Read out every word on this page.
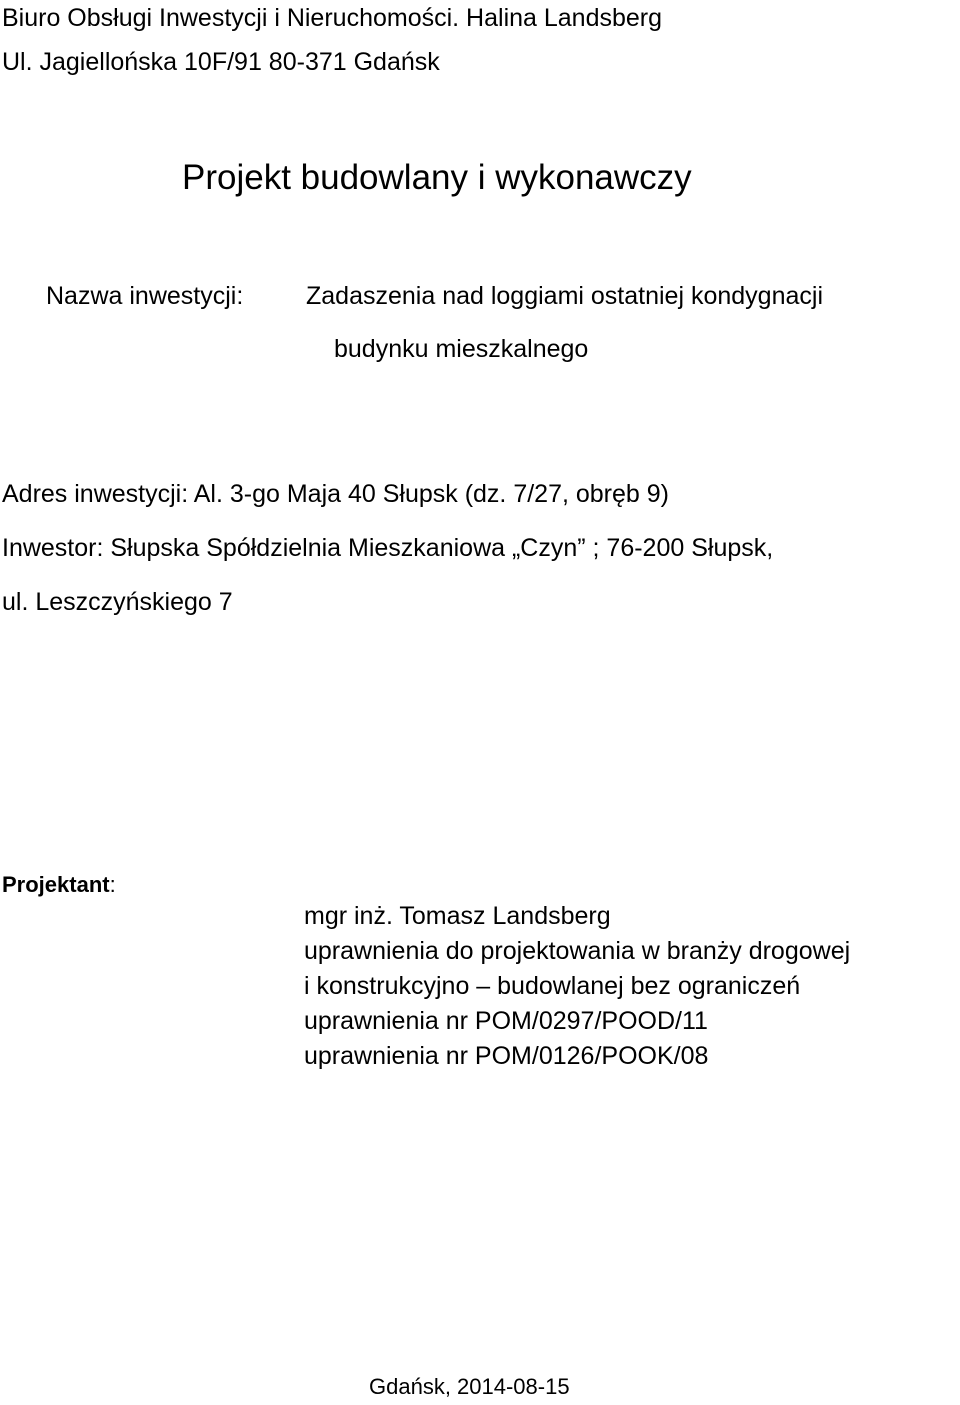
Biuro Obsługi Inwestycji i Nieruchomości. Halina Landsberg
Ul. Jagiellońska 10F/91 80-371 Gdańsk
Projekt budowlany i wykonawczy
Nazwa inwestycji:	Zadaszenia nad loggiami ostatniej kondygnacji
budynku mieszkalnego
Adres inwestycji: Al. 3-go Maja 40 Słupsk (dz. 7/27, obręb 9)
Inwestor: Słupska Spółdzielnia Mieszkaniowa „Czyn” ; 76-200 Słupsk,
ul. Leszczyńskiego 7
Projektant:
mgr inż. Tomasz Landsberg
uprawnienia do projektowania w branży drogowej
i konstrukcyjno – budowlanej bez ograniczeń
uprawnienia nr POM/0297/POOD/11
uprawnienia nr POM/0126/POOK/08
Gdańsk, 2014-08-15
